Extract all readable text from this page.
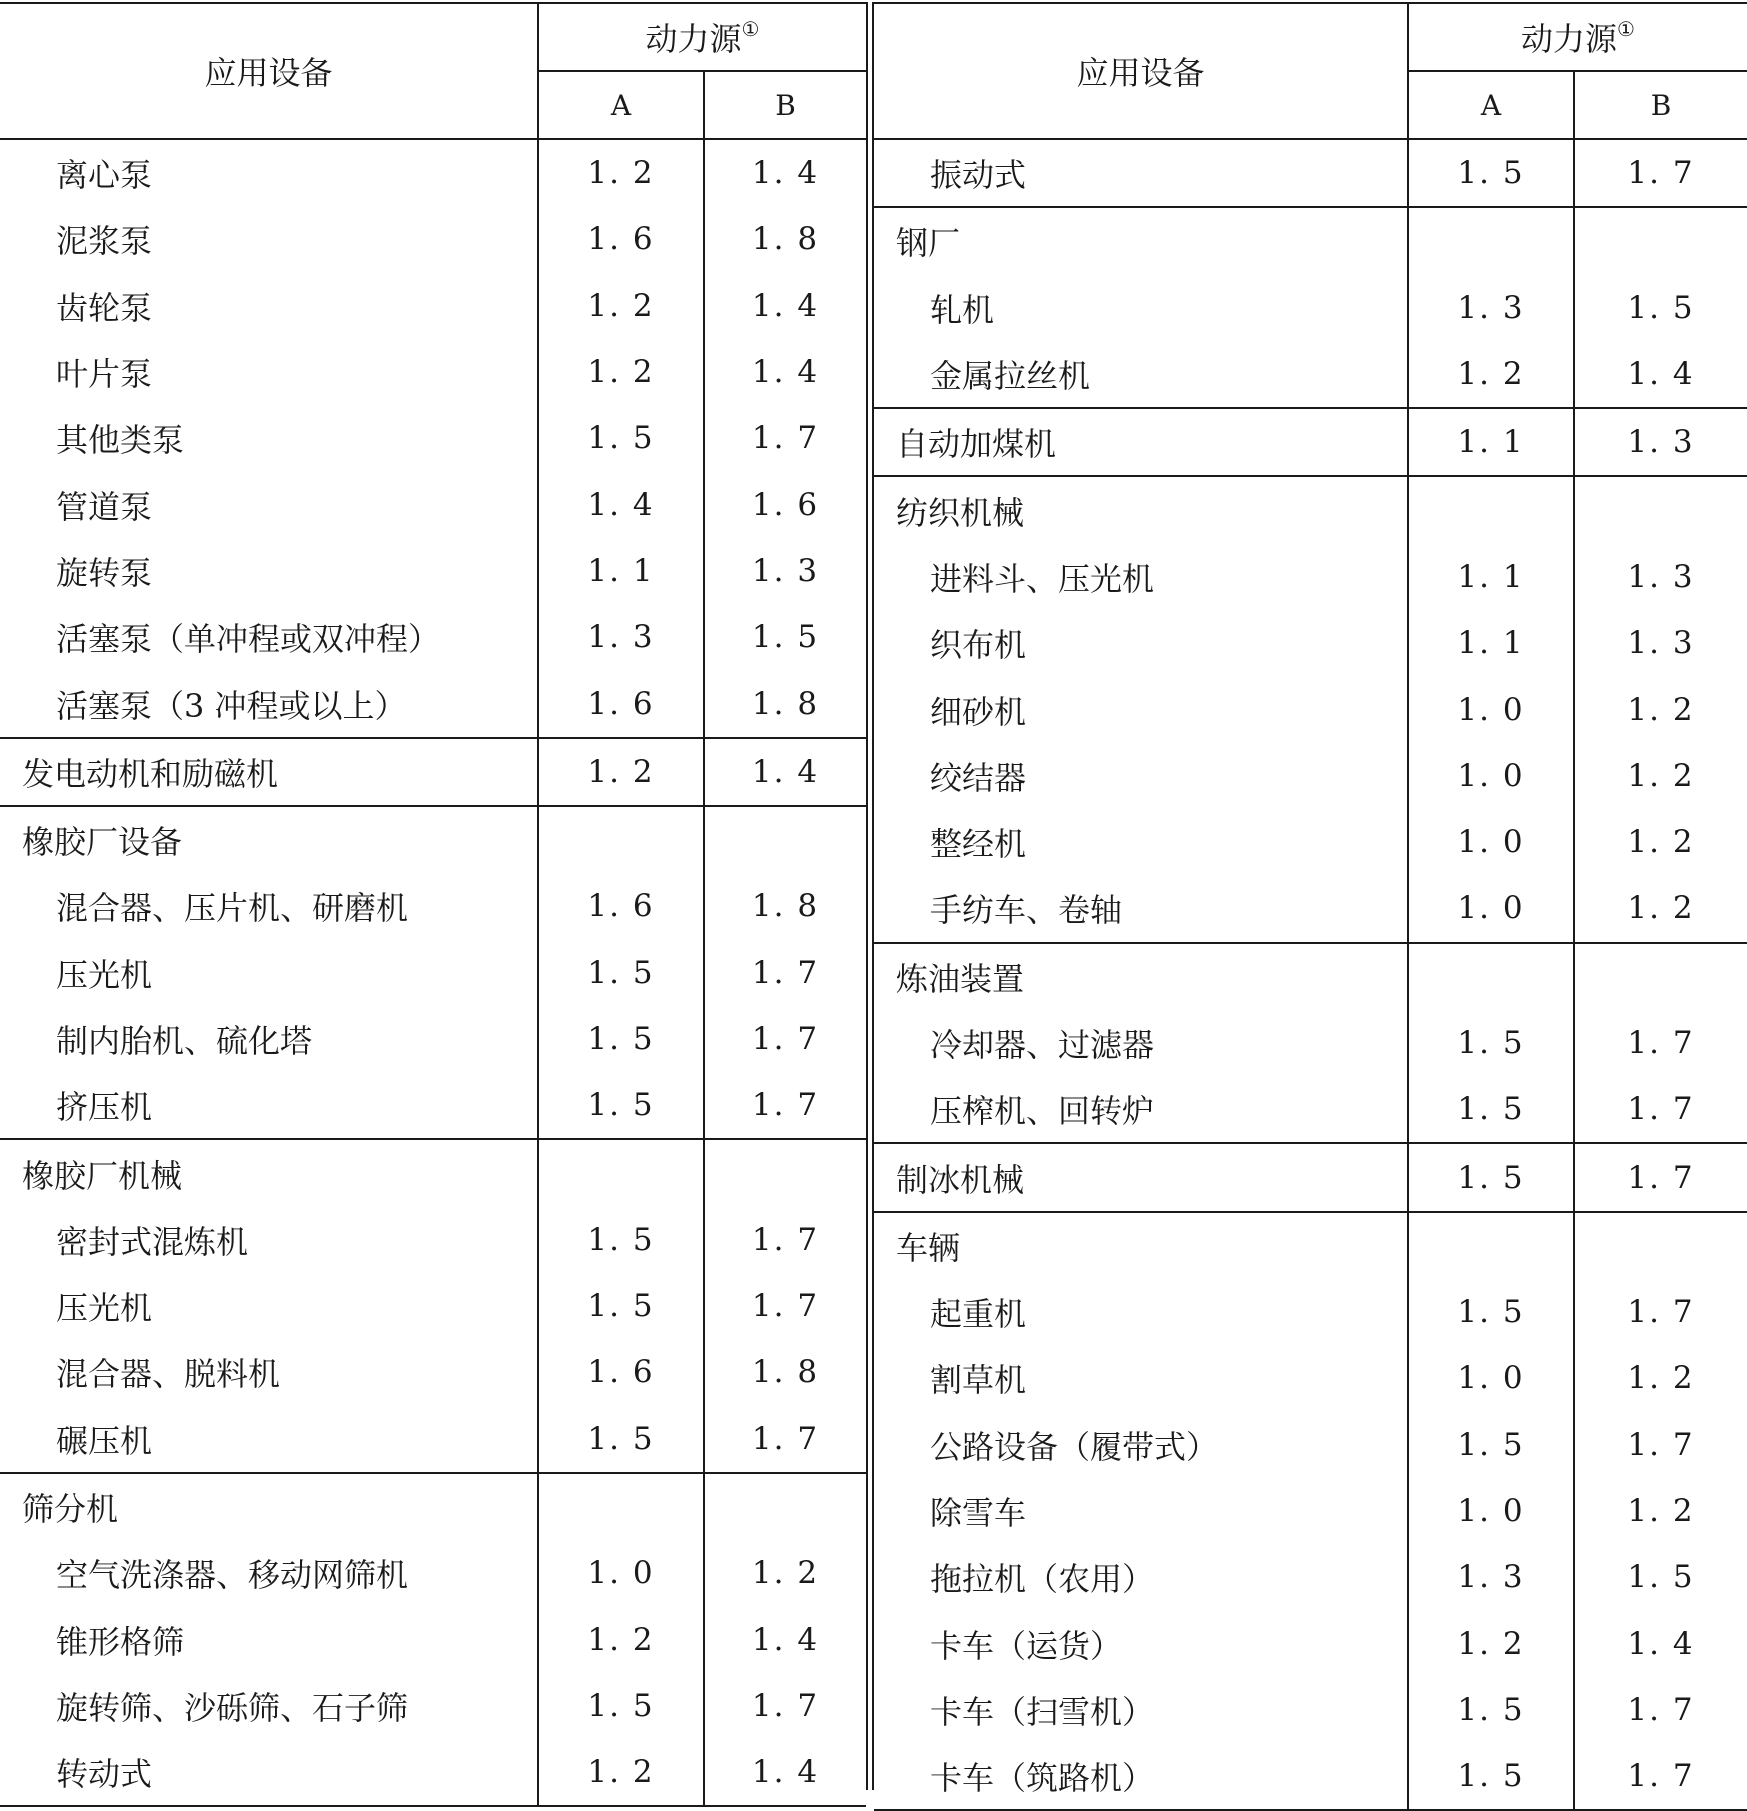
应用设备	动力源①
	A	B
离心泵	1. 2	1. 4
泥浆泵	1. 6	1. 8
齿轮泵	1. 2	1. 4
叶片泵	1. 2	1. 4
其他类泵	1. 5	1. 7
管道泵	1. 4	1. 6
旋转泵	1. 1	1. 3
活塞泵（单冲程或双冲程）	1. 3	1. 5
活塞泵（3 冲程或以上）	1. 6	1. 8
发电动机和励磁机	1. 2	1. 4
橡胶厂设备		
混合器、压片机、研磨机	1. 6	1. 8
压光机	1. 5	1. 7
制内胎机、硫化塔	1. 5	1. 7
挤压机	1. 5	1. 7
橡胶厂机械		
密封式混炼机	1. 5	1. 7
压光机	1. 5	1. 7
混合器、脱料机	1. 6	1. 8
碾压机	1. 5	1. 7
筛分机		
空气洗涤器、移动网筛机	1. 0	1. 2
锥形格筛	1. 2	1. 4
旋转筛、沙砾筛、石子筛	1. 5	1. 7
转动式	1. 2	1. 4
应用设备	动力源①
	A	B
振动式	1. 5	1. 7
钢厂		
轧机	1. 3	1. 5
金属拉丝机	1. 2	1. 4
自动加煤机	1. 1	1. 3
纺织机械		
进料斗、压光机	1. 1	1. 3
织布机	1. 1	1. 3
细砂机	1. 0	1. 2
绞结器	1. 0	1. 2
整经机	1. 0	1. 2
手纺车、卷轴	1. 0	1. 2
炼油装置		
冷却器、过滤器	1. 5	1. 7
压榨机、回转炉	1. 5	1. 7
制冰机械	1. 5	1. 7
车辆		
起重机	1. 5	1. 7
割草机	1. 0	1. 2
公路设备（履带式）	1. 5	1. 7
除雪车	1. 0	1. 2
拖拉机（农用）	1. 3	1. 5
卡车（运货）	1. 2	1. 4
卡车（扫雪机）	1. 5	1. 7
卡车（筑路机）	1. 5	1. 7
